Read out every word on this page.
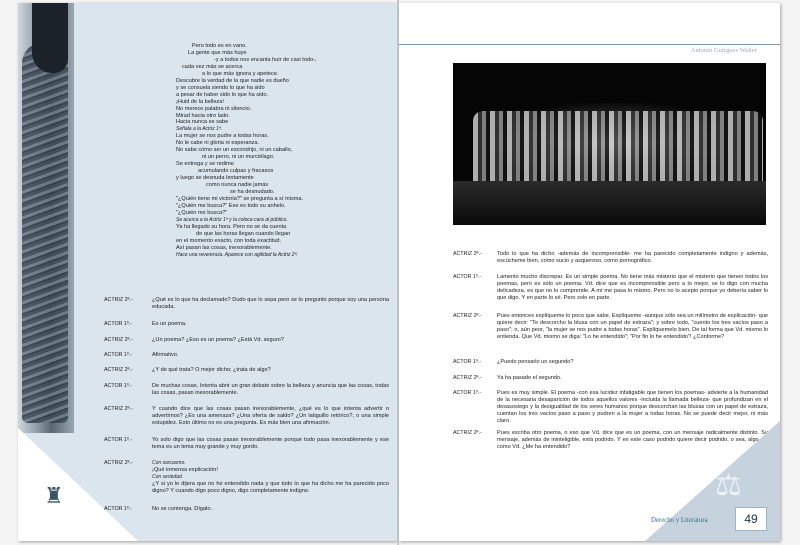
♜
Pero todo es en vano.
La gente que más huye
-y a todos nos encanta huir de casi todo-,
cada vez más se acerca
a lo que más ignora y apetece.
Descubre la verdad de la que nadie es dueño
y se consuela siendo lo que ha sido
a pesar de haber sido lo que ha sido.
¡Huid de la belleza!
No merece palabra ni silencio.
Mirad hacia otro lado.
Hacia nunca se sabe
Señala a la Actriz 1ª.
La mujer se nos pudre a todas horas.
No le cabe ni gloria ni esperanza.
No sabe cómo ser un escondrijo, ni un caballo,
ni un perro, ni un murciélago.
Se entrega y se redime
acumulando culpas y fracasos
y luego se desnuda lentamente
como nunca nadie jamás
se ha desnudado.
"¿Quién tiene mi victoria?" se pregunta a sí misma.
"¿Quién me busca?" Ese es todo su anhelo.
"¿Quién me busca?"
Se acerca a la Actriz 1ª y la coloca cara al público.
Ya ha llegado su hora. Pero no se da cuenta
de que las horas llegan cuando llegan
en el momento exacto, con toda exactitud.
Así pasan las cosas, inexorablemente.
Hace una reverencia. Aparece con agilidad la Actriz 2ª.
ACTRIZ 2ª.-	¿Qué es lo que ha declamado? Dudo que lo sepa pero se lo pregunto porque soy una persona educada.
ACTOR 1º.-	Es un poema.
ACTRIZ 2ª.-	¿Un poema? ¿Eso es un poema? ¿Está Vd. seguro?
ACTOR 1º.-	Afirmativo.
ACTRIZ 2ª.-	¿Y de qué trata? O mejor dicho; ¿trata de algo?
ACTOR 1º.-	De muchas cosas. Intenta abrir un gran debate sobre la belleza y anuncia que las cosas, todas las cosas, pasan inexorablemente.
ACTRIZ 2ª.-	Y cuando dice que las cosas pasan inexorablemente, ¿qué es lo que intenta advertir o advertirnos? ¿Es una amenaza? ¿Una oferta de saldo? ¿Un latiguillo retórico?, o una simple estupidez. Esto último no es una pregunta. Es más bien una afirmación.
ACTOR 1º.-	Yo solo digo que las cosas pasan inexorablemente porque todo pasa inexorablemente y ese tema es un tema muy grande y muy gordo.
ACTRIZ 2ª.-	Con sarcasmo.
¡Qué inmensa explicación!
Con seriedad.
¿Y si yo le dijera que no he entendido nada y que todo lo que ha dicho me ha parecido poco digno? Y cuando digo poco digno, digo completamente indigno.
ACTOR 1º.-	No se contenga. Dígalo.
Antonio Guirgues Walter
ACTRIZ 2ª.-	Todo lo que ha dicho -además de incomprensible- me ha parecido completamente indigno y además, escúcheme bien, como sucio y asqueroso, como pornográfico.
ACTOR 1º.-	Lamento mucho discrepar. Es un simple poema. No tiene más misterio que el misterio que tienen todos los poemas, pero es sólo un poema. Vd. dice que es incomprensible pero a lo mejor, se lo digo con mucha delicadeza, es que no lo comprende. A mí me pasa lo mismo. Pero no lo acepto porque yo debería saber lo que digo. Y en parte lo sé. Pero solo en parte.
ACTRIZ 2ª.-	Pues entonces explíqueme lo poco que sabe. Explíqueme -aunque sólo sea un milímetro de explicación- que quiere decir: "Te descorcho la blusa con un papel de estraza"; y sobre todo, "cuento los tres vacíos paso a paso"; o, aún peor, "la mujer se nos pudre a todas horas". Explíquemelo bien. De tal forma que Vd. mismo lo entienda. Que Vd. mismo se diga: "Lo he entendido"; "Por fin lo he entendido"! ¿Conforme?
ACTOR 1º.-	¿Puedo pensarlo un segundo?
ACTRIZ 2ª.-	Ya ha pasado el segundo.
ACTOR 1º.-	Pues es muy simple. El poema -con esa lucidez infatigable que tienen los poemas- advierte a la humanidad de la necesaria desaparición de todos aquellos valores -incluida la llamada belleza- que profundizan en el desasosiego y la desigualdad de los seres humanos porque descorchan las blusas con un papel de estraza, cuentan los tres vacíos paso a paso y pudren a la mujer a todas horas. No se puede decir mejor, ni más claro.
ACTRIZ 2ª.-	Pues escriba otro poema, o eso que Vd. dice que es un poema, con un mensaje radicalmente distinto. Su mensaje, además de ininteligible, está podrido. Y en este caso podrido quiere decir podrido, o sea, algo así como Vd. ¿Me ha entendido?
⚖
Derecho y Literatura	49
